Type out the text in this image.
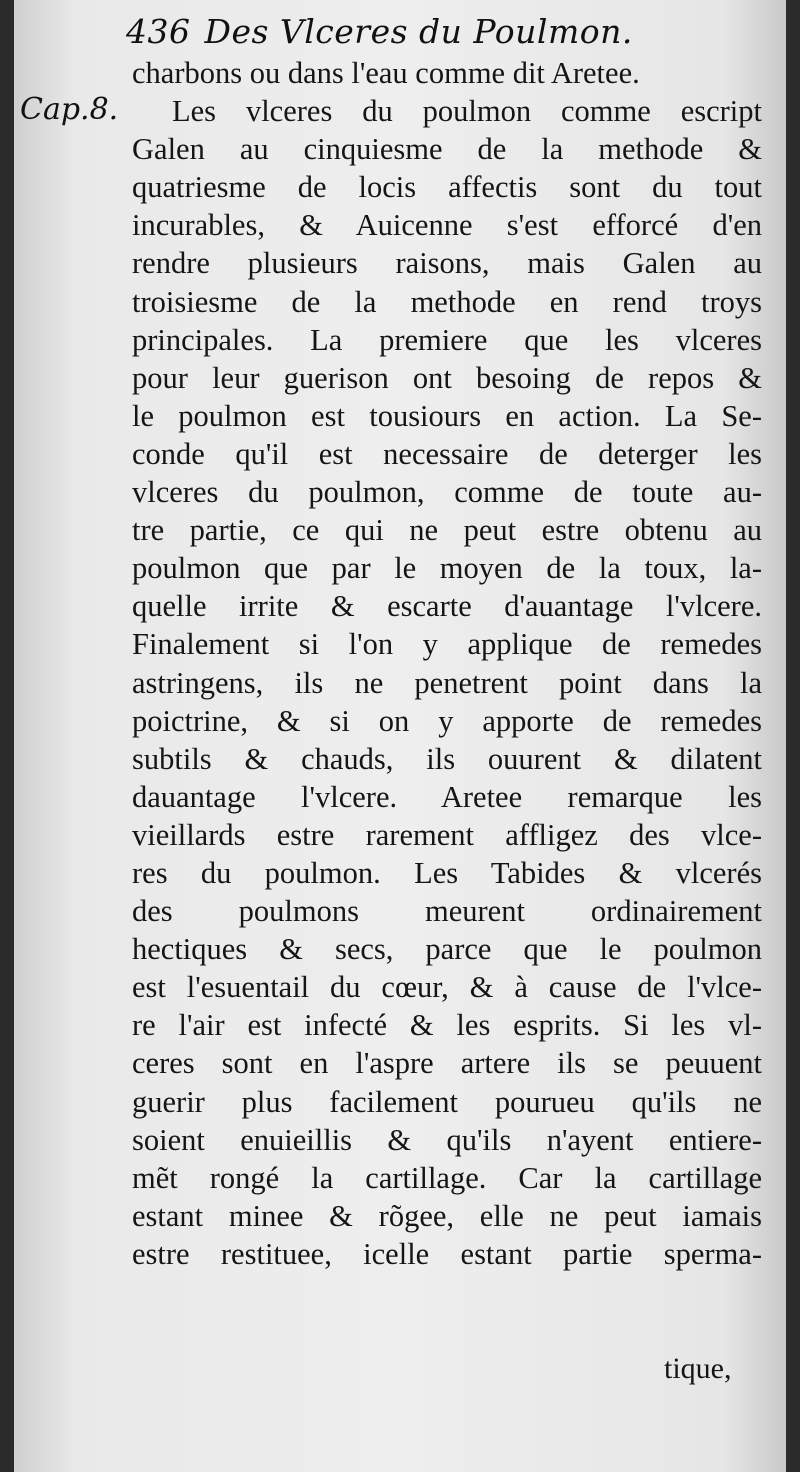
436 Des Vlceres du Poulmon.
Cap.8.
charbons ou dans l'eau comme dit Aretee.
Les vlceres du poulmon comme escript
Galen au cinquiesme de la methode &
quatriesme de locis affectis sont du tout
incurables, & Auicenne s'est efforcé d'en
rendre plusieurs raisons, mais Galen au
troisiesme de la methode en rend troys
principales. La premiere que les vlceres
pour leur guerison ont besoing de repos &
le poulmon est tousiours en action. La Se-
conde qu'il est necessaire de deterger les
vlceres du poulmon, comme de toute au-
tre partie, ce qui ne peut estre obtenu au
poulmon que par le moyen de la toux, la-
quelle irrite & escarte d'auantage l'vlcere.
Finalement si l'on y applique de remedes
astringens, ils ne penetrent point dans la
poictrine, & si on y apporte de remedes
subtils & chauds, ils ouurent & dilatent
dauantage l'vlcere. Aretee remarque les
vieillards estre rarement affligez des vlce-
res du poulmon. Les Tabides & vlcerés
des poulmons meurent ordinairement
hectiques & secs, parce que le poulmon
est l'esuentail du cœur, & à cause de l'vlce-
re l'air est infecté & les esprits. Si les vl-
ceres sont en l'aspre artere ils se peuuent
guerir plus facilement pourueu qu'ils ne
soient enuieillis & qu'ils n'ayent entiere-
mẽt rongé la cartillage. Car la cartillage
estant minee & rõgee, elle ne peut iamais
estre restituee, icelle estant partie sperma-
tique,
